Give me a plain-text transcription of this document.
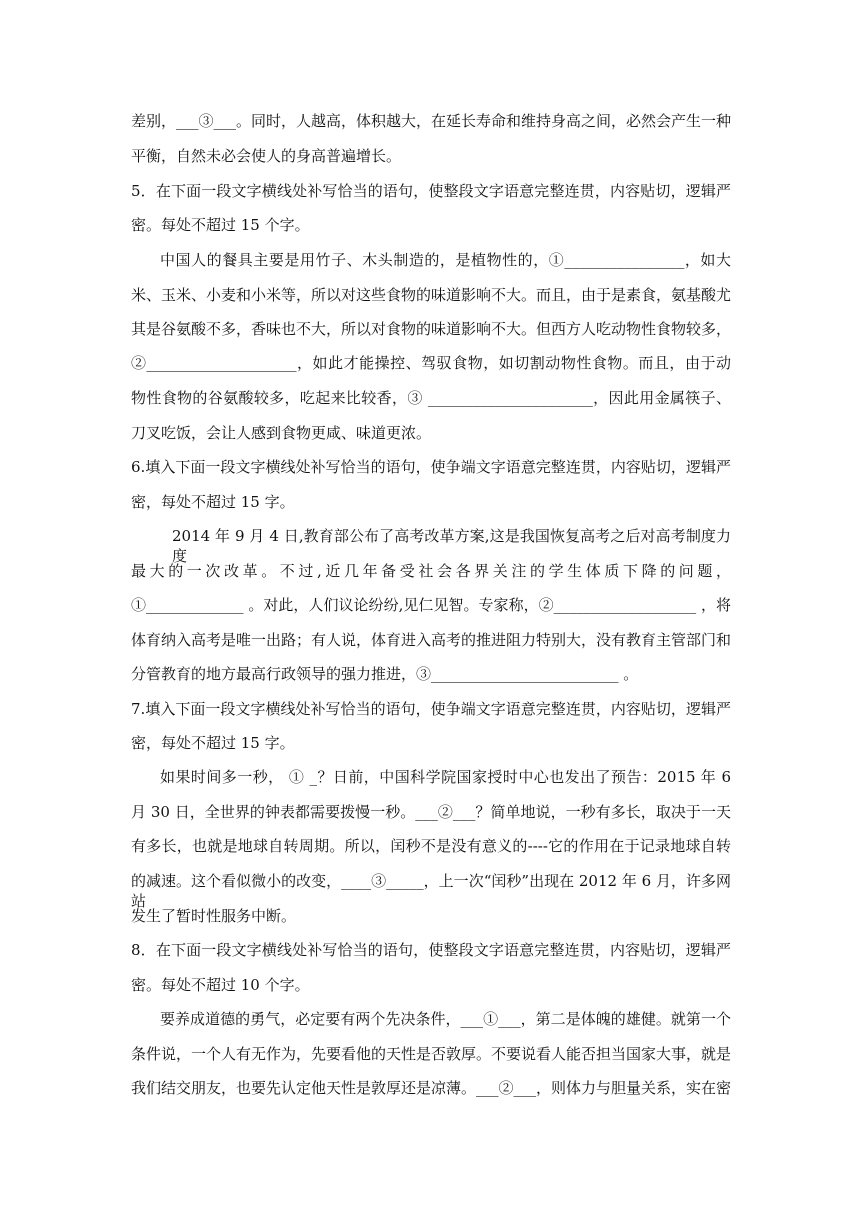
差别，___③___。同时，人越高，体积越大，在延长寿命和维持身高之间，必然会产生一种
平衡，自然未必会使人的身高普遍增长。
5．在下面一段文字横线处补写恰当的语句，使整段文字语意完整连贯，内容贴切，逻辑严
密。每处不超过 15 个字。
中国人的餐具主要是用竹子、木头制造的，是植物性的，①________________，如大
米、玉米、小麦和小米等，所以对这些食物的味道影响不大。而且，由于是素食，氨基酸尤
其是谷氨酸不多，香味也不大，所以对食物的味道影响不大。但西方人吃动物性食物较多，
②____________________，如此才能操控、驾驭食物，如切割动物性食物。而且，由于动
物性食物的谷氨酸较多，吃起来比较香，③ ______________________，因此用金属筷子、
刀叉吃饭，会让人感到食物更咸、味道更浓。
6.填入下面一段文字横线处补写恰当的语句，使争端文字语意完整连贯，内容贴切，逻辑严
密，每处不超过 15 字。
2014 年 9 月 4 日,教育部公布了高考改革方案,这是我国恢复高考之后对高考制度力度
最大的一次改革。不过,近几年备受社会各界关注的学生体质下降的问题，
①_____________ 。对此，人们议论纷纷,见仁见智。专家称，②___________________ ，将
体育纳入高考是唯一出路；有人说，体育进入高考的推进阻力特别大，没有教育主管部门和
分管教育的地方最高行政领导的强力推进，③_________________________ 。
7.填入下面一段文字横线处补写恰当的语句，使争端文字语意完整连贯，内容贴切，逻辑严
密，每处不超过 15 字。
如果时间多一秒， ① _？日前，中国科学院国家授时中心也发出了预告：2015 年 6
月 30 日，全世界的钟表都需要拨慢一秒。___②___？简单地说，一秒有多长，取决于一天
有多长，也就是地球自转周期。所以，闰秒不是没有意义的----它的作用在于记录地球自转
的减速。这个看似微小的改变，____③_____，上一次“闰秒”出现在 2012 年 6 月，许多网站
发生了暂时性服务中断。
8．在下面一段文字横线处补写恰当的语句，使整段文字语意完整连贯，内容贴切，逻辑严
密。每处不超过 10 个字。
要养成道德的勇气，必定要有两个先决条件，___①___，第二是体魄的雄健。就第一个
条件说，一个人有无作为，先要看他的天性是否敦厚。不要说看人能否担当国家大事，就是
我们结交朋友，也要先认定他天性是敦厚还是凉薄。___②___，则体力与胆量关系，实在密
